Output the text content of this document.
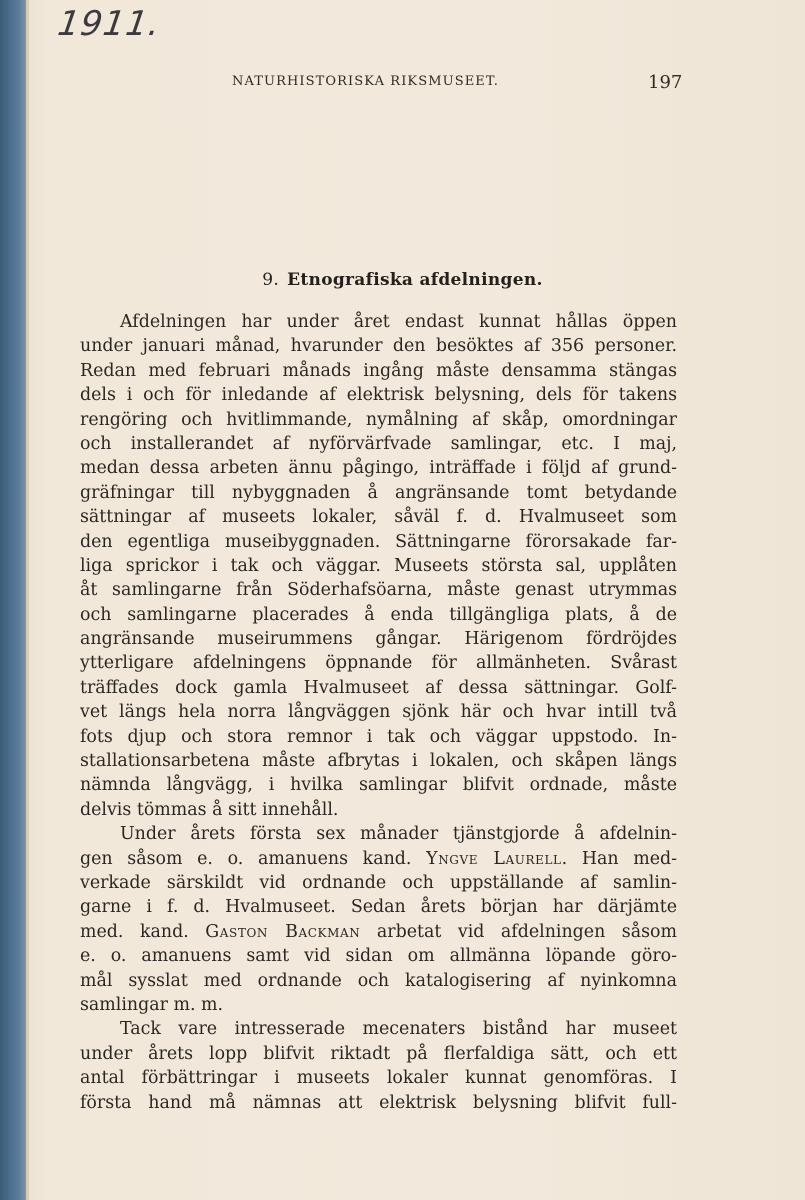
1911.
NATURHISTORISKA RIKSMUSEET.	197
9. Etnografiska afdelningen.
Afdelningen har under året endast kunnat hållas öppen
under januari månad, hvarunder den besöktes af 356 personer.
Redan med februari månads ingång måste densamma stängas
dels i och för inledande af elektrisk belysning, dels för takens
rengöring och hvitlimmande, nymålning af skåp, omordningar
och installerandet af nyförvärfvade samlingar, etc. I maj,
medan dessa arbeten ännu pågingo, inträffade i följd af grund-
gräfningar till nybyggnaden å angränsande tomt betydande
sättningar af museets lokaler, såväl f. d. Hvalmuseet som
den egentliga museibyggnaden. Sättningarne förorsakade far-
liga sprickor i tak och väggar. Museets största sal, upplåten
åt samlingarne från Söderhafsöarna, måste genast utrymmas
och samlingarne placerades å enda tillgängliga plats, å de
angränsande museirummens gångar. Härigenom fördröjdes
ytterligare afdelningens öppnande för allmänheten. Svårast
träffades dock gamla Hvalmuseet af dessa sättningar. Golf-
vet längs hela norra långväggen sjönk här och hvar intill två
fots djup och stora remnor i tak och väggar uppstodo. In-
stallationsarbetena måste afbrytas i lokalen, och skåpen längs
nämnda långvägg, i hvilka samlingar blifvit ordnade, måste
delvis tömmas å sitt innehåll.
Under årets första sex månader tjänstgjorde å afdelnin-
gen såsom e. o. amanuens kand. Yngve Laurell. Han med-
verkade särskildt vid ordnande och uppställande af samlin-
garne i f. d. Hvalmuseet. Sedan årets början har därjämte
med. kand. Gaston Backman arbetat vid afdelningen såsom
e. o. amanuens samt vid sidan om allmänna löpande göro-
mål sysslat med ordnande och katalogisering af nyinkomna
samlingar m. m.
Tack vare intresserade mecenaters bistånd har museet
under årets lopp blifvit riktadt på flerfaldiga sätt, och ett
antal förbättringar i museets lokaler kunnat genomföras. I
första hand må nämnas att elektrisk belysning blifvit full-
